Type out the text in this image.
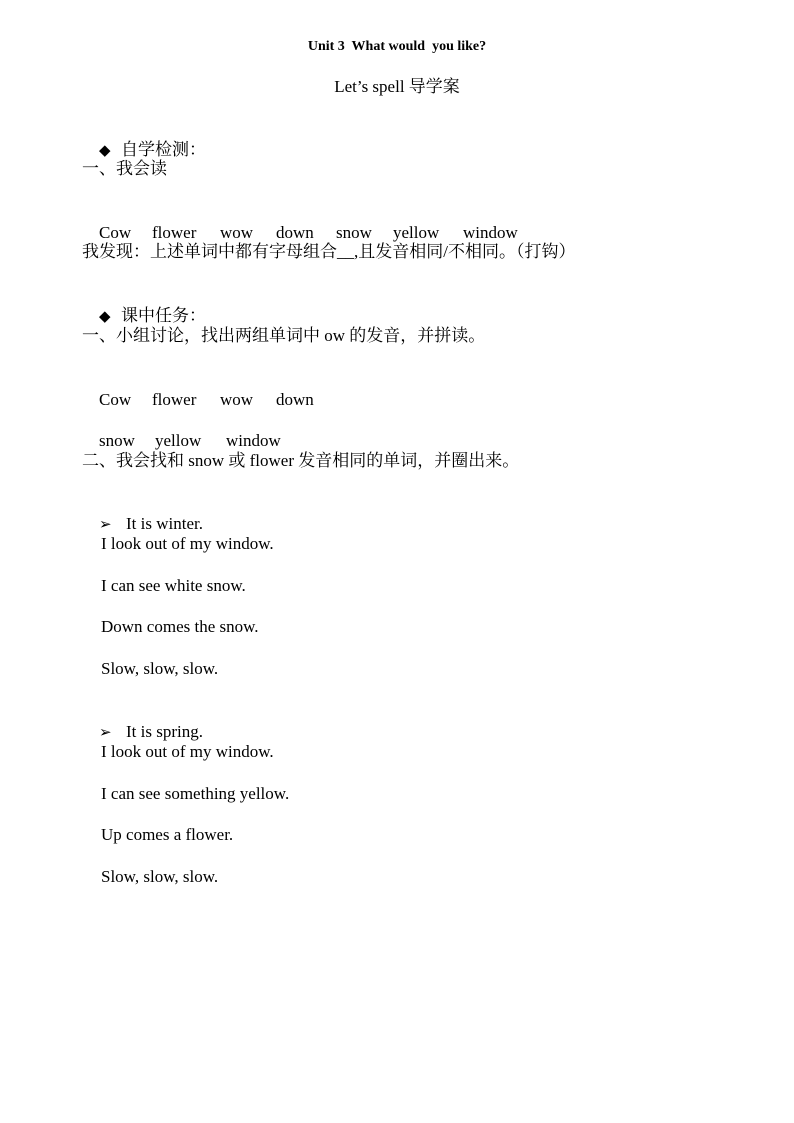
Unit 3  What would  you like?
Let’s spell 导学案

◆ 自学检测：

一、我会读

Cow flower wow down snow yellow window

我发现：上述单词中都有字母组合__,且发音相同/不相同。（打钩）

◆ 课中任务：

一、小组讨论，找出两组单词中 ow 的发音，并拼读。

Cow flower wow down

snow yellow window

二、我会找和 snow 或 flower 发音相同的单词，并圈出来。

➢ It is winter.

I look out of my window.
I can see white snow.
Down comes the snow.
Slow, slow, slow.

➢ It is spring.

I look out of my window.
I can see something yellow.
Up comes a flower.
Slow, slow, slow.
